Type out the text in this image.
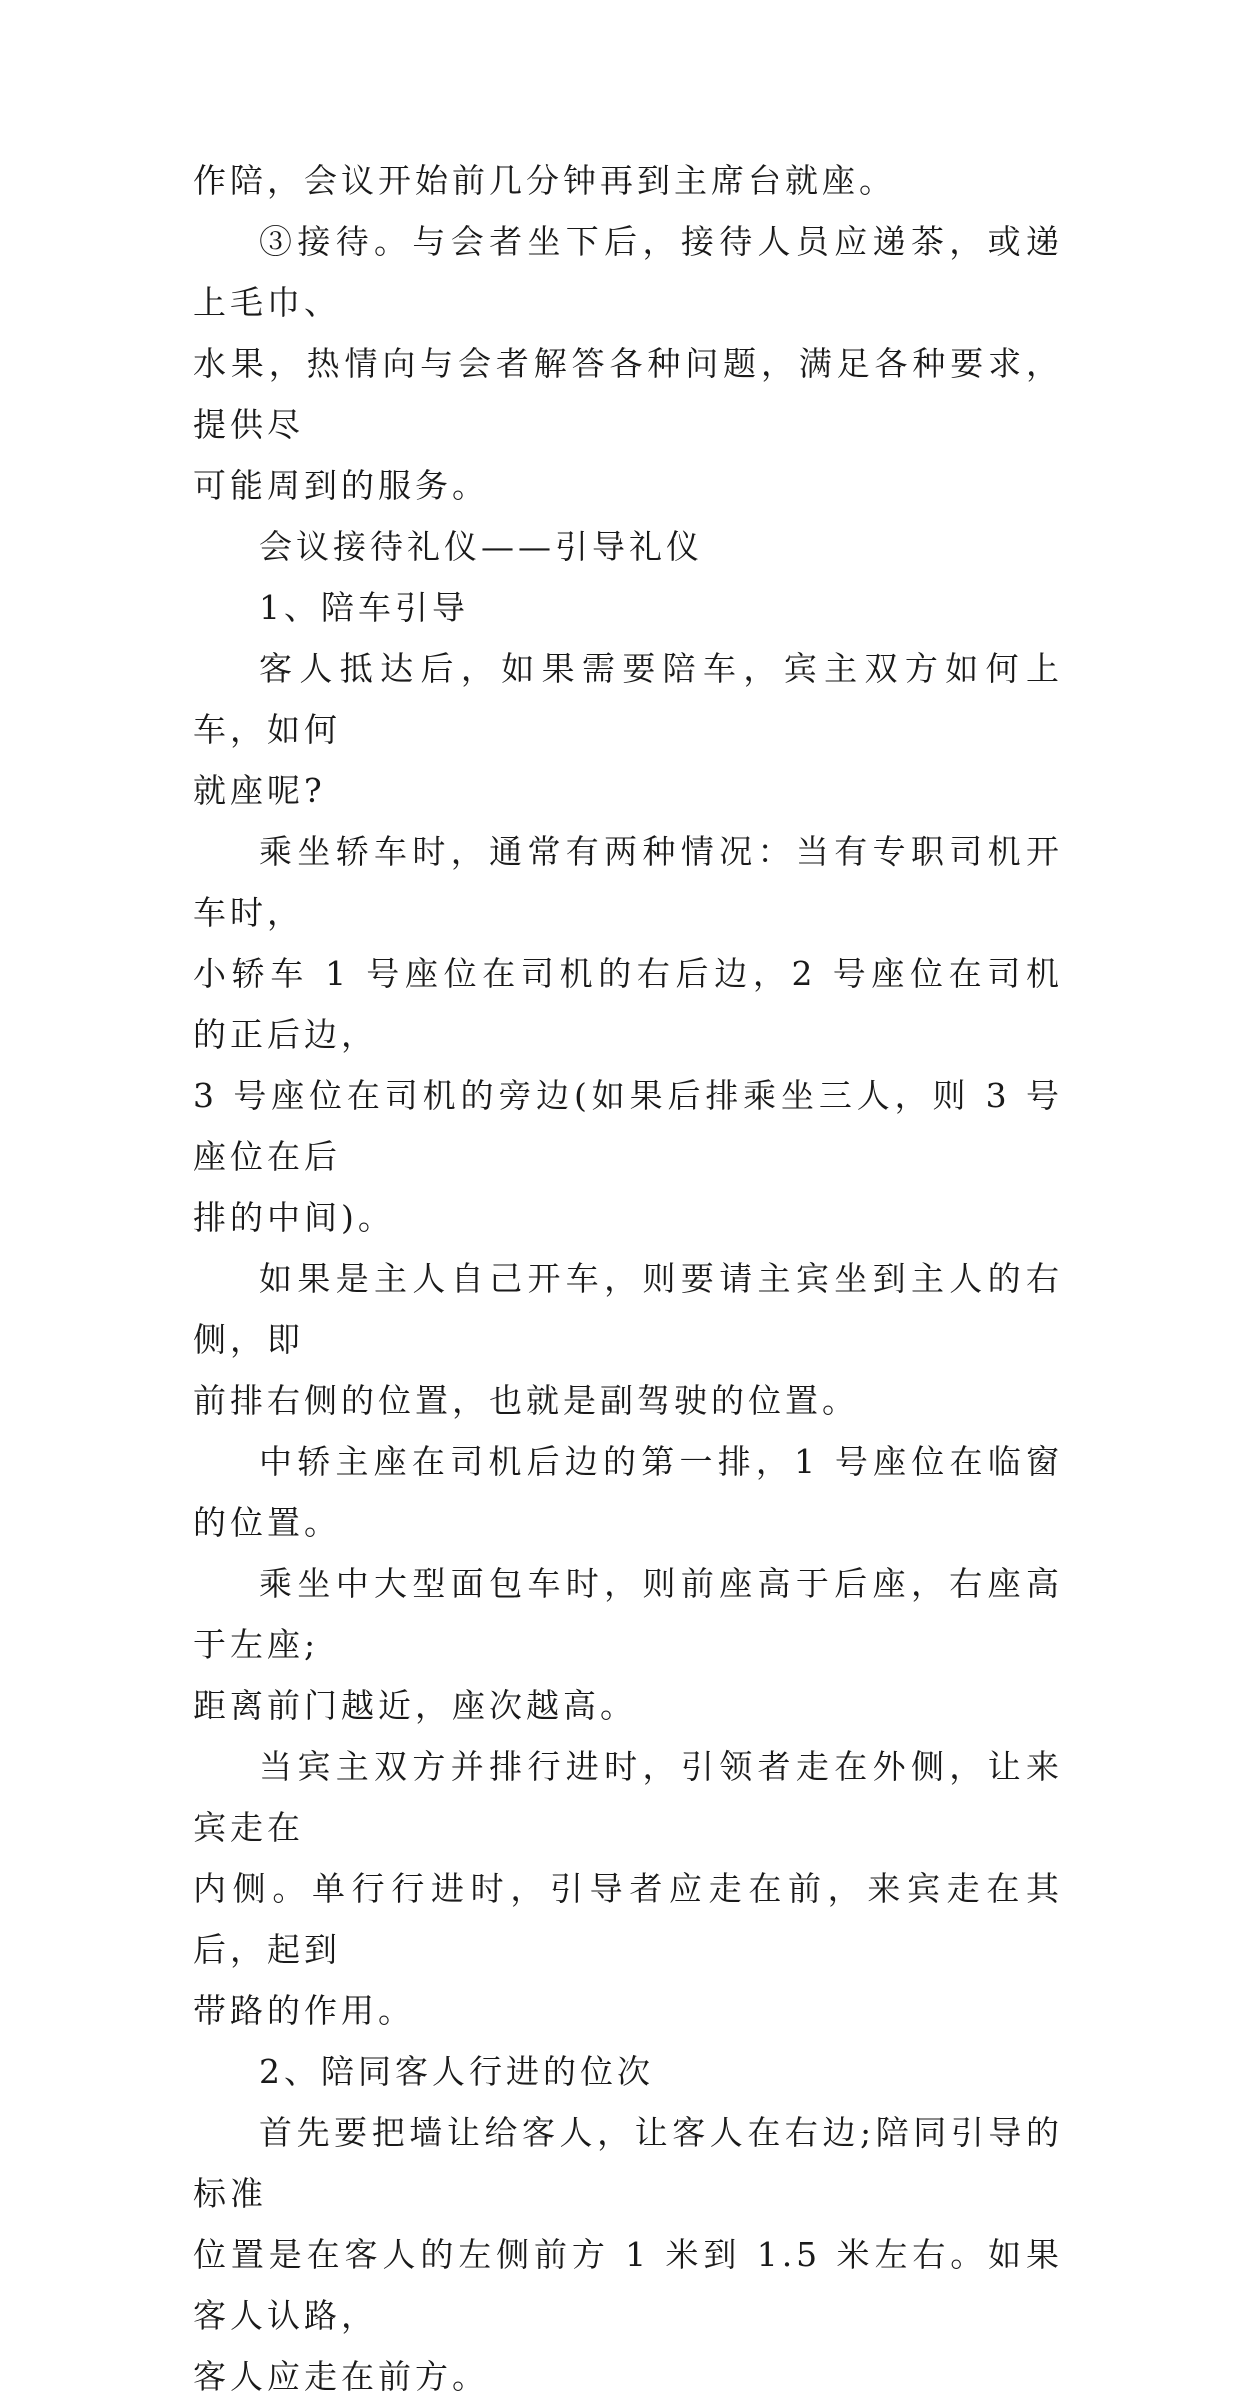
作陪，会议开始前几分钟再到主席台就座。

③接待。与会者坐下后，接待人员应递茶，或递上毛巾、
水果，热情向与会者解答各种问题，满足各种要求，提供尽
可能周到的服务。

会议接待礼仪——引导礼仪

1、陪车引导

客人抵达后，如果需要陪车，宾主双方如何上车，如何
就座呢?

乘坐轿车时，通常有两种情况：当有专职司机开车时，
小轿车 1 号座位在司机的右后边，2 号座位在司机的正后边，
3 号座位在司机的旁边(如果后排乘坐三人，则 3 号座位在后
排的中间)。

如果是主人自己开车，则要请主宾坐到主人的右侧，即
前排右侧的位置，也就是副驾驶的位置。

中轿主座在司机后边的第一排，1 号座位在临窗的位置。

乘坐中大型面包车时，则前座高于后座，右座高于左座;
距离前门越近，座次越高。

当宾主双方并排行进时，引领者走在外侧，让来宾走在
内侧。单行行进时，引导者应走在前，来宾走在其后，起到
带路的作用。

2、陪同客人行进的位次

首先要把墙让给客人，让客人在右边;陪同引导的标准
位置是在客人的左侧前方 1 米到 1.5 米左右。如果客人认路，
客人应走在前方。
